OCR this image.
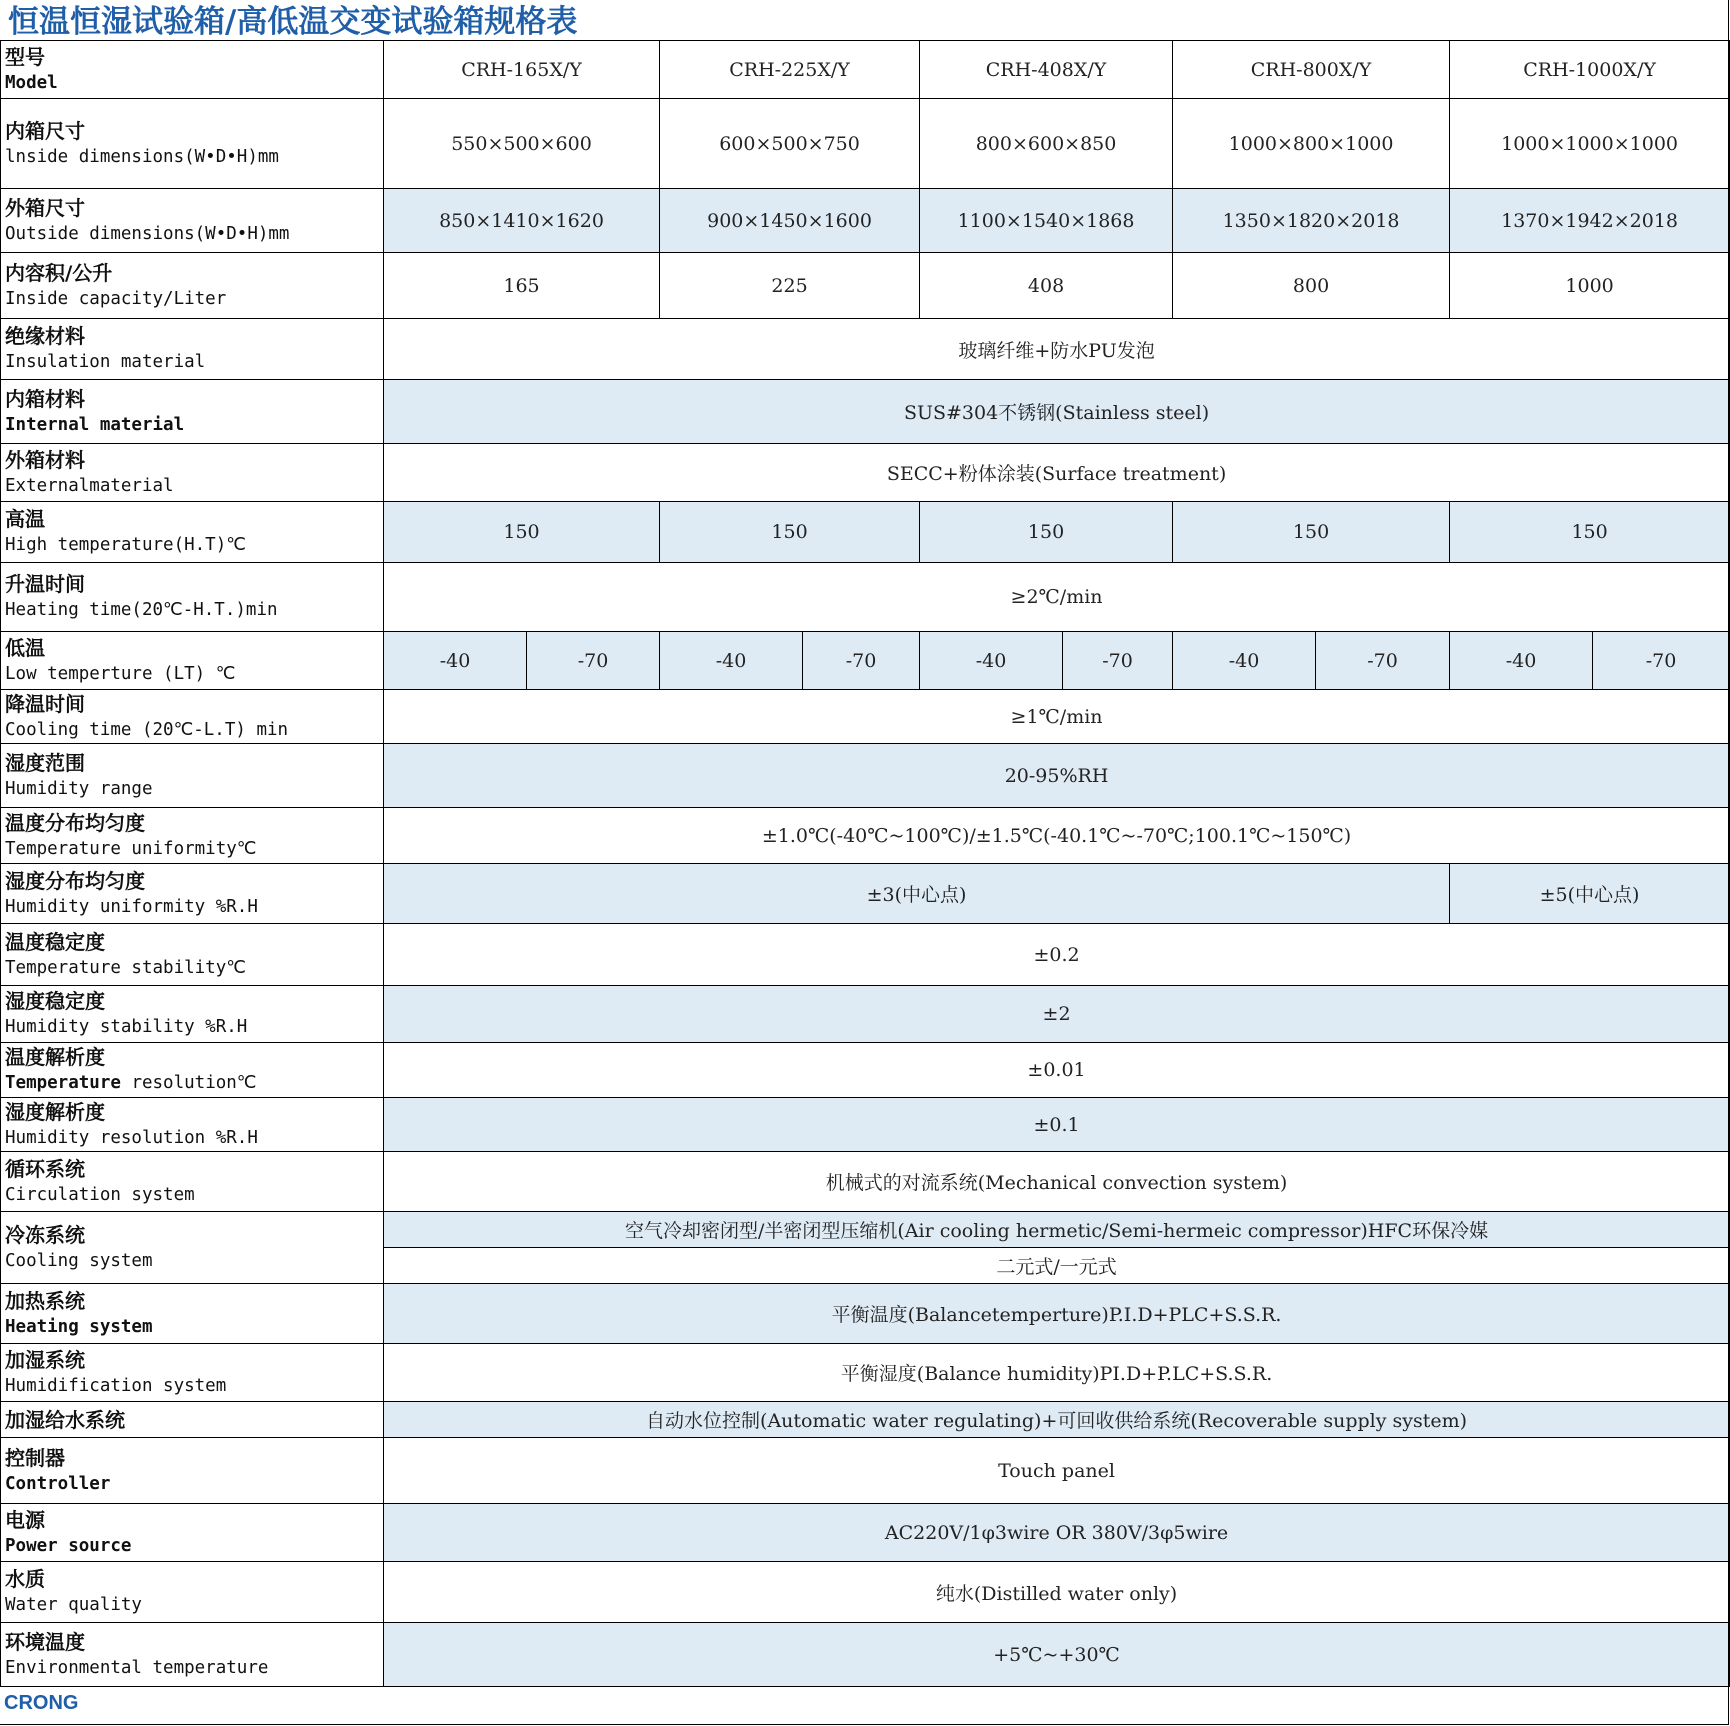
恒温恒湿试验箱/高低温交变试验箱规格表
型号
Model	CRH-165X/Y		CRH-225X/Y		CRH-408X/Y		CRH-800X/Y		CRH-1000X/Y	

内箱尺寸
lnside dimensions(W•D•H)mm	550×500×600		600×500×750		800×600×850		1000×800×1000		1000×1000×1000	

外箱尺寸
Outside dimensions(W•D•H)mm	850×1410×1620		900×1450×1600		1100×1540×1868		1350×1820×2018		1370×1942×2018	

内容积/公升
Inside capacity/Liter	165		225		408		800		1000	

绝缘材料
Insulation material	玻璃纤维+防水PU发泡									

内箱材料
Internal material	SUS#304不锈钢(Stainless steel)									

外箱材料
Externalmaterial	SECC+粉体涂装(Surface treatment)									

高温
High temperature(H.T)℃	150		150		150		150		150	

升温时间
Heating time(20℃-H.T.)min	≥2℃/min									

低温
Low temperture (LT) ℃	-40	-70	-40	-70	-40	-70	-40	-70	-40	-70

降温时间
Cooling time (20℃-L.T) min	≥1℃/min									

湿度范围
Humidity range	20-95%RH									

温度分布均匀度
Temperature uniformity℃	±1.0℃(-40℃~100℃)/±1.5℃(-40.1℃~-70℃;100.1℃~150℃)									

湿度分布均匀度
Humidity uniformity %R.H	±3(中心点)								±5(中心点)	

温度稳定度
Temperature stability℃	±0.2									

湿度稳定度
Humidity stability %R.H	±2									

温度解析度
Temperature resolution℃	±0.01									

湿度解析度
Humidity resolution %R.H	±0.1									

循环系统
Circulation system	机械式的对流系统(Mechanical convection system)									

冷冻系统
Cooling system	空气冷却密闭型/半密闭型压缩机(Air cooling hermetic/Semi-hermeic compressor)HFC环保冷媒									
	二元式/一元式									

加热系统
Heating system	平衡温度(Balancetemperture)P.I.D+PLC+S.S.R.									

加湿系统
Humidification system	平衡湿度(Balance humidity)PI.D+P.LC+S.S.R.									

加湿给水系统	自动水位控制(Automatic water regulating)+可回收供给系统(Recoverable supply system)									

控制器
Controller	Touch panel									

电源
Power source	AC220V/1φ3wire OR 380V/3φ5wire									

水质
Water quality	纯水(Distilled water only)									

环境温度
Environmental temperature	+5℃~+30℃									
CRONG
